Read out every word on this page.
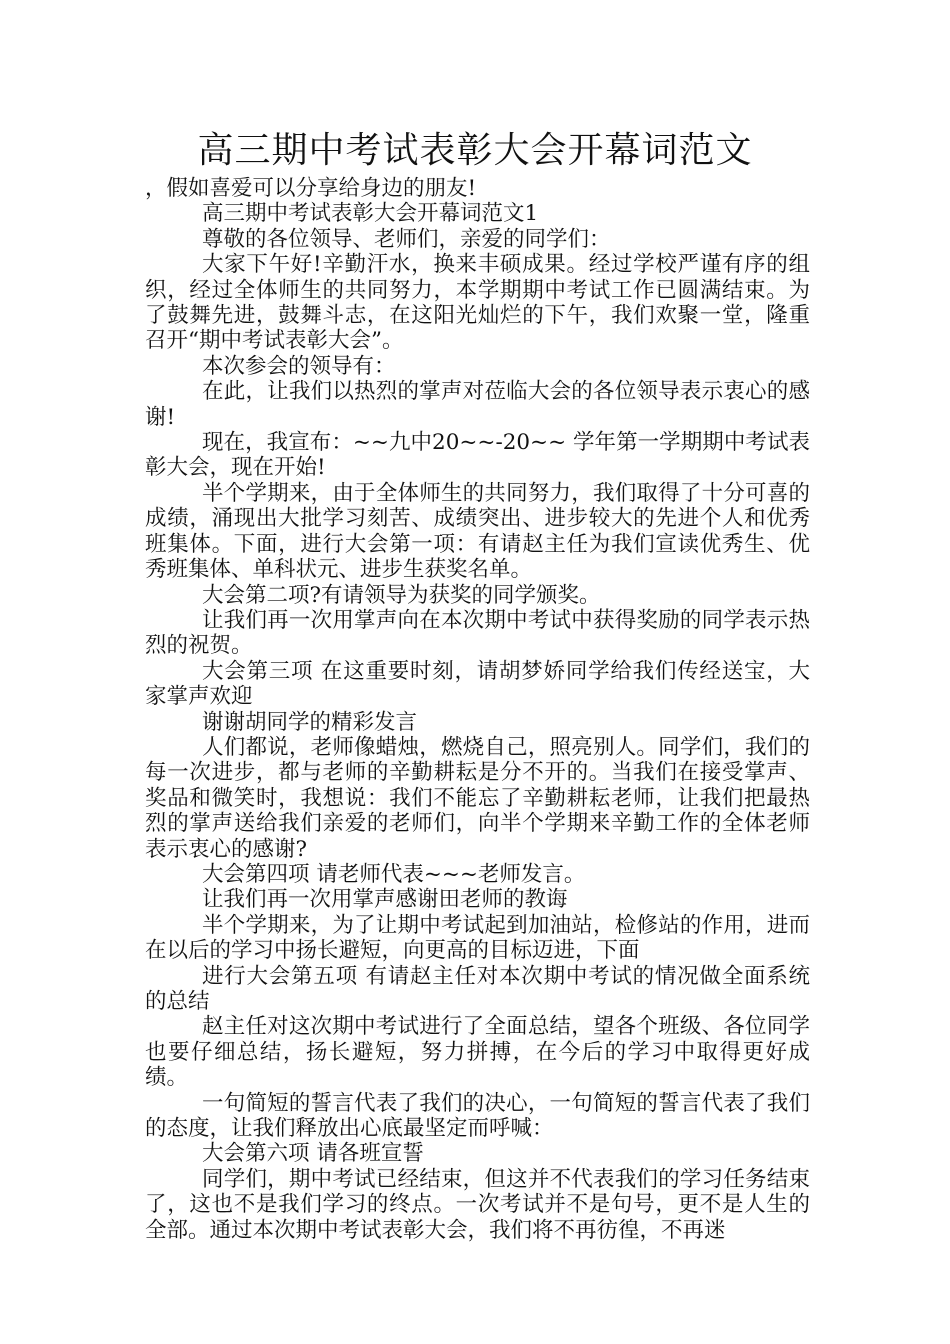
高三期中考试表彰大会开幕词范文

，假如喜爱可以分享给身边的朋友!

高三期中考试表彰大会开幕词范文1

尊敬的各位领导、老师们，亲爱的同学们：

大家下午好!辛勤汗水，换来丰硕成果。经过学校严谨有序的组织，经过全体师生的共同努力，本学期期中考试工作已圆满结束。为了鼓舞先进，鼓舞斗志，在这阳光灿烂的下午，我们欢聚一堂，隆重召开“期中考试表彰大会”。

本次参会的领导有：

在此，让我们以热烈的掌声对莅临大会的各位领导表示衷心的感谢!

现在，我宣布：~~九中20~~-20~~ 学年第一学期期中考试表彰大会，现在开始!

半个学期来，由于全体师生的共同努力，我们取得了十分可喜的成绩，涌现出大批学习刻苦、成绩突出、进步较大的先进个人和优秀班集体。下面，进行大会第一项：有请赵主任为我们宣读优秀生、优秀班集体、单科状元、进步生获奖名单。

大会第二项?有请领导为获奖的同学颁奖。

让我们再一次用掌声向在本次期中考试中获得奖励的同学表示热烈的祝贺。

大会第三项 在这重要时刻，请胡梦娇同学给我们传经送宝，大家掌声欢迎

谢谢胡同学的精彩发言

人们都说，老师像蜡烛，燃烧自己，照亮别人。同学们，我们的每一次进步，都与老师的辛勤耕耘是分不开的。当我们在接受掌声、奖品和微笑时，我想说：我们不能忘了辛勤耕耘老师，让我们把最热烈的掌声送给我们亲爱的老师们，向半个学期来辛勤工作的全体老师表示衷心的感谢?

大会第四项 请老师代表~~~老师发言。

让我们再一次用掌声感谢田老师的教诲

半个学期来，为了让期中考试起到加油站，检修站的作用，进而在以后的学习中扬长避短，向更高的目标迈进，下面

进行大会第五项 有请赵主任对本次期中考试的情况做全面系统的总结

赵主任对这次期中考试进行了全面总结，望各个班级、各位同学也要仔细总结，扬长避短，努力拼搏，在今后的学习中取得更好成绩。

一句简短的誓言代表了我们的决心，一句简短的誓言代表了我们的态度，让我们释放出心底最坚定而呼喊：

大会第六项 请各班宣誓

同学们，期中考试已经结束，但这并不代表我们的学习任务结束了，这也不是我们学习的终点。一次考试并不是句号，更不是人生的全部。通过本次期中考试表彰大会，我们将不再彷徨，不再迷
